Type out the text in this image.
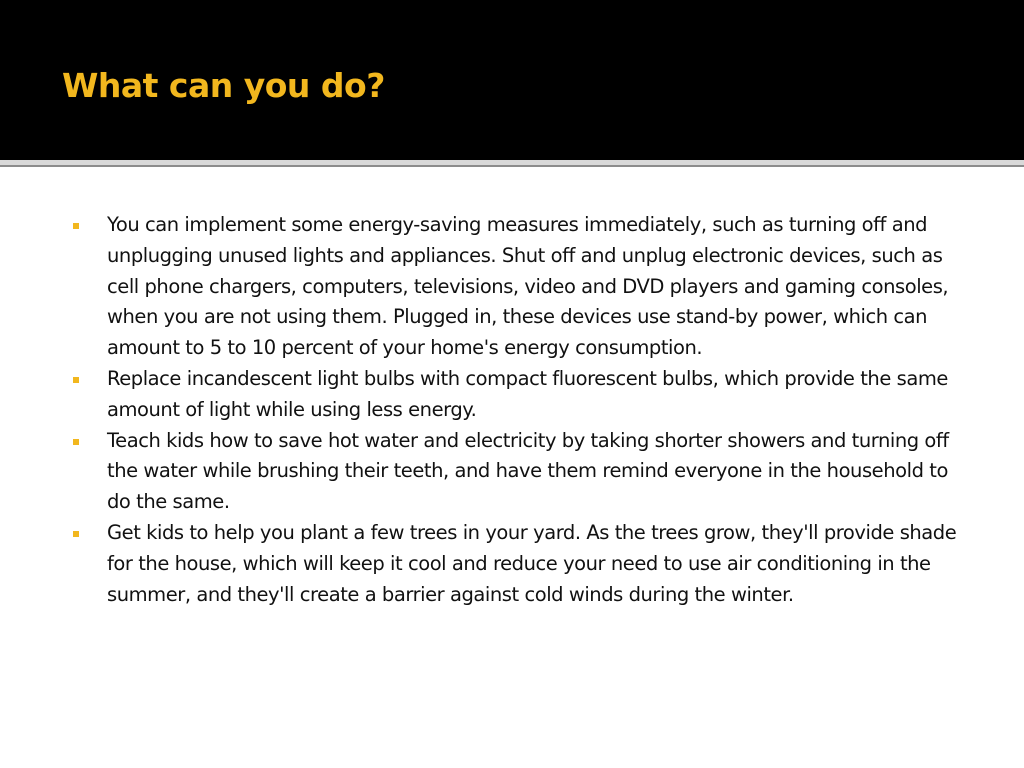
What can you do?
You can implement some energy-saving measures immediately, such as turning off and unplugging unused lights and appliances. Shut off and unplug electronic devices, such as cell phone chargers, computers, televisions, video and DVD players and gaming consoles, when you are not using them. Plugged in, these devices use stand-by power, which can amount to 5 to 10 percent of your home's energy consumption.
Replace incandescent light bulbs with compact fluorescent bulbs, which provide the same amount of light while using less energy.
Teach kids how to save hot water and electricity by taking shorter showers and turning off the water while brushing their teeth, and have them remind everyone in the household to do the same.
Get kids to help you plant a few trees in your yard. As the trees grow, they'll provide shade for the house, which will keep it cool and reduce your need to use air conditioning in the summer, and they'll create a barrier against cold winds during the winter.
